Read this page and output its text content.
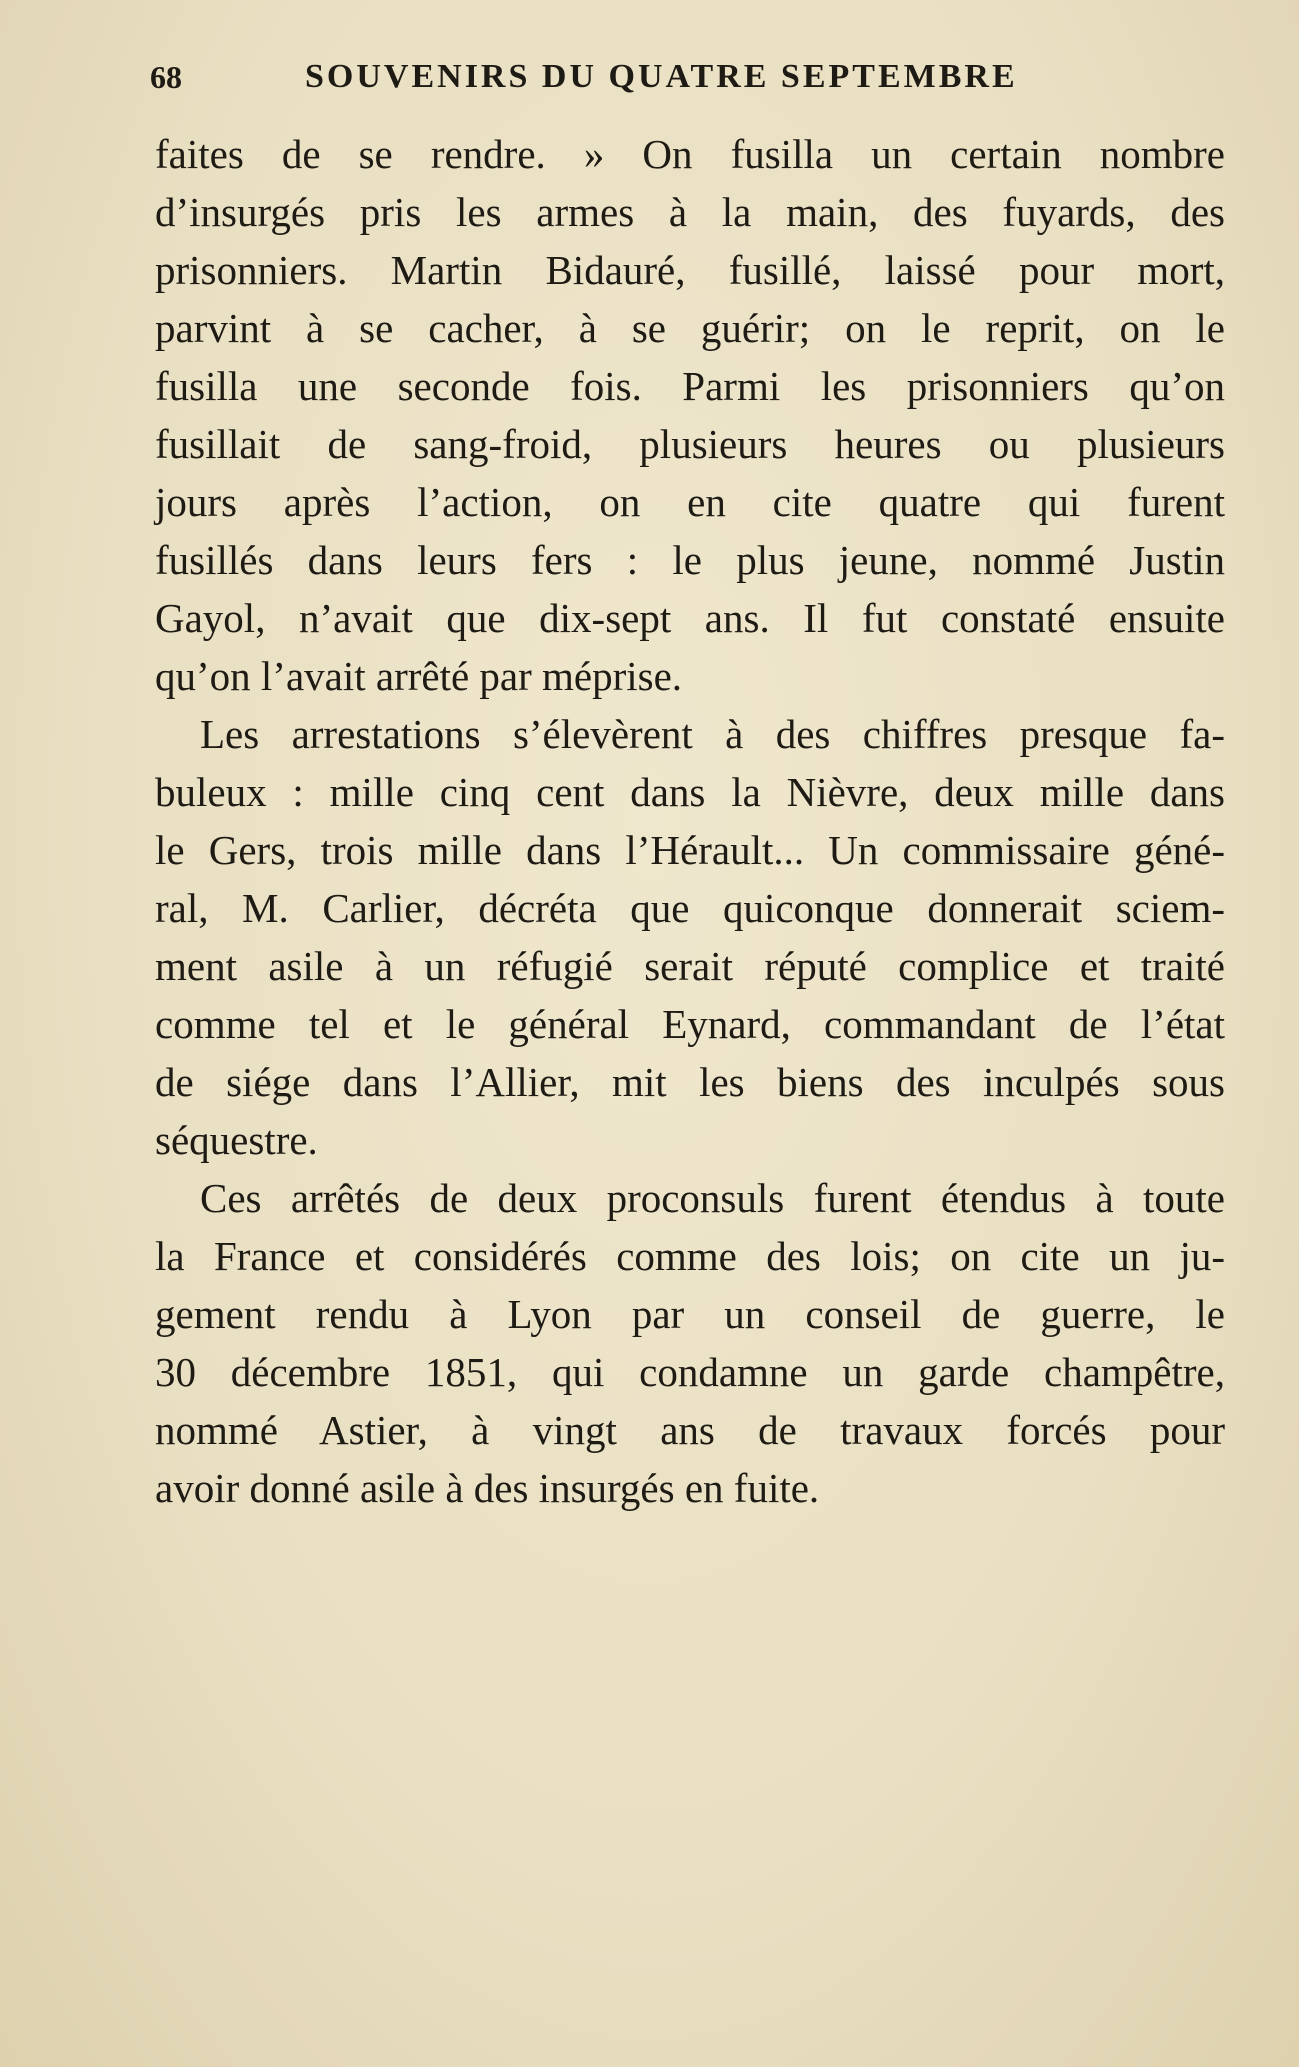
68	SOUVENIRS DU QUATRE SEPTEMBRE
faites de se rendre. » On fusilla un certain nombre
d’insurgés pris les armes à la main, des fuyards, des
prisonniers. Martin Bidauré, fusillé, laissé pour mort,
parvint à se cacher, à se guérir; on le reprit, on le
fusilla une seconde fois. Parmi les prisonniers qu’on
fusillait de sang-froid, plusieurs heures ou plusieurs
jours après l’action, on en cite quatre qui furent
fusillés dans leurs fers : le plus jeune, nommé Justin
Gayol, n’avait que dix-sept ans. Il fut constaté ensuite
qu’on l’avait arrêté par méprise.
Les arrestations s’élevèrent à des chiffres presque fa-
buleux : mille cinq cent dans la Nièvre, deux mille dans
le Gers, trois mille dans l’Hérault... Un commissaire géné-
ral, M. Carlier, décréta que quiconque donnerait sciem-
ment asile à un réfugié serait réputé complice et traité
comme tel et le général Eynard, commandant de l’état
de siége dans l’Allier, mit les biens des inculpés sous
séquestre.
Ces arrêtés de deux proconsuls furent étendus à toute
la France et considérés comme des lois; on cite un ju-
gement rendu à Lyon par un conseil de guerre, le
30 décembre 1851, qui condamne un garde champêtre,
nommé Astier, à vingt ans de travaux forcés pour
avoir donné asile à des insurgés en fuite.
